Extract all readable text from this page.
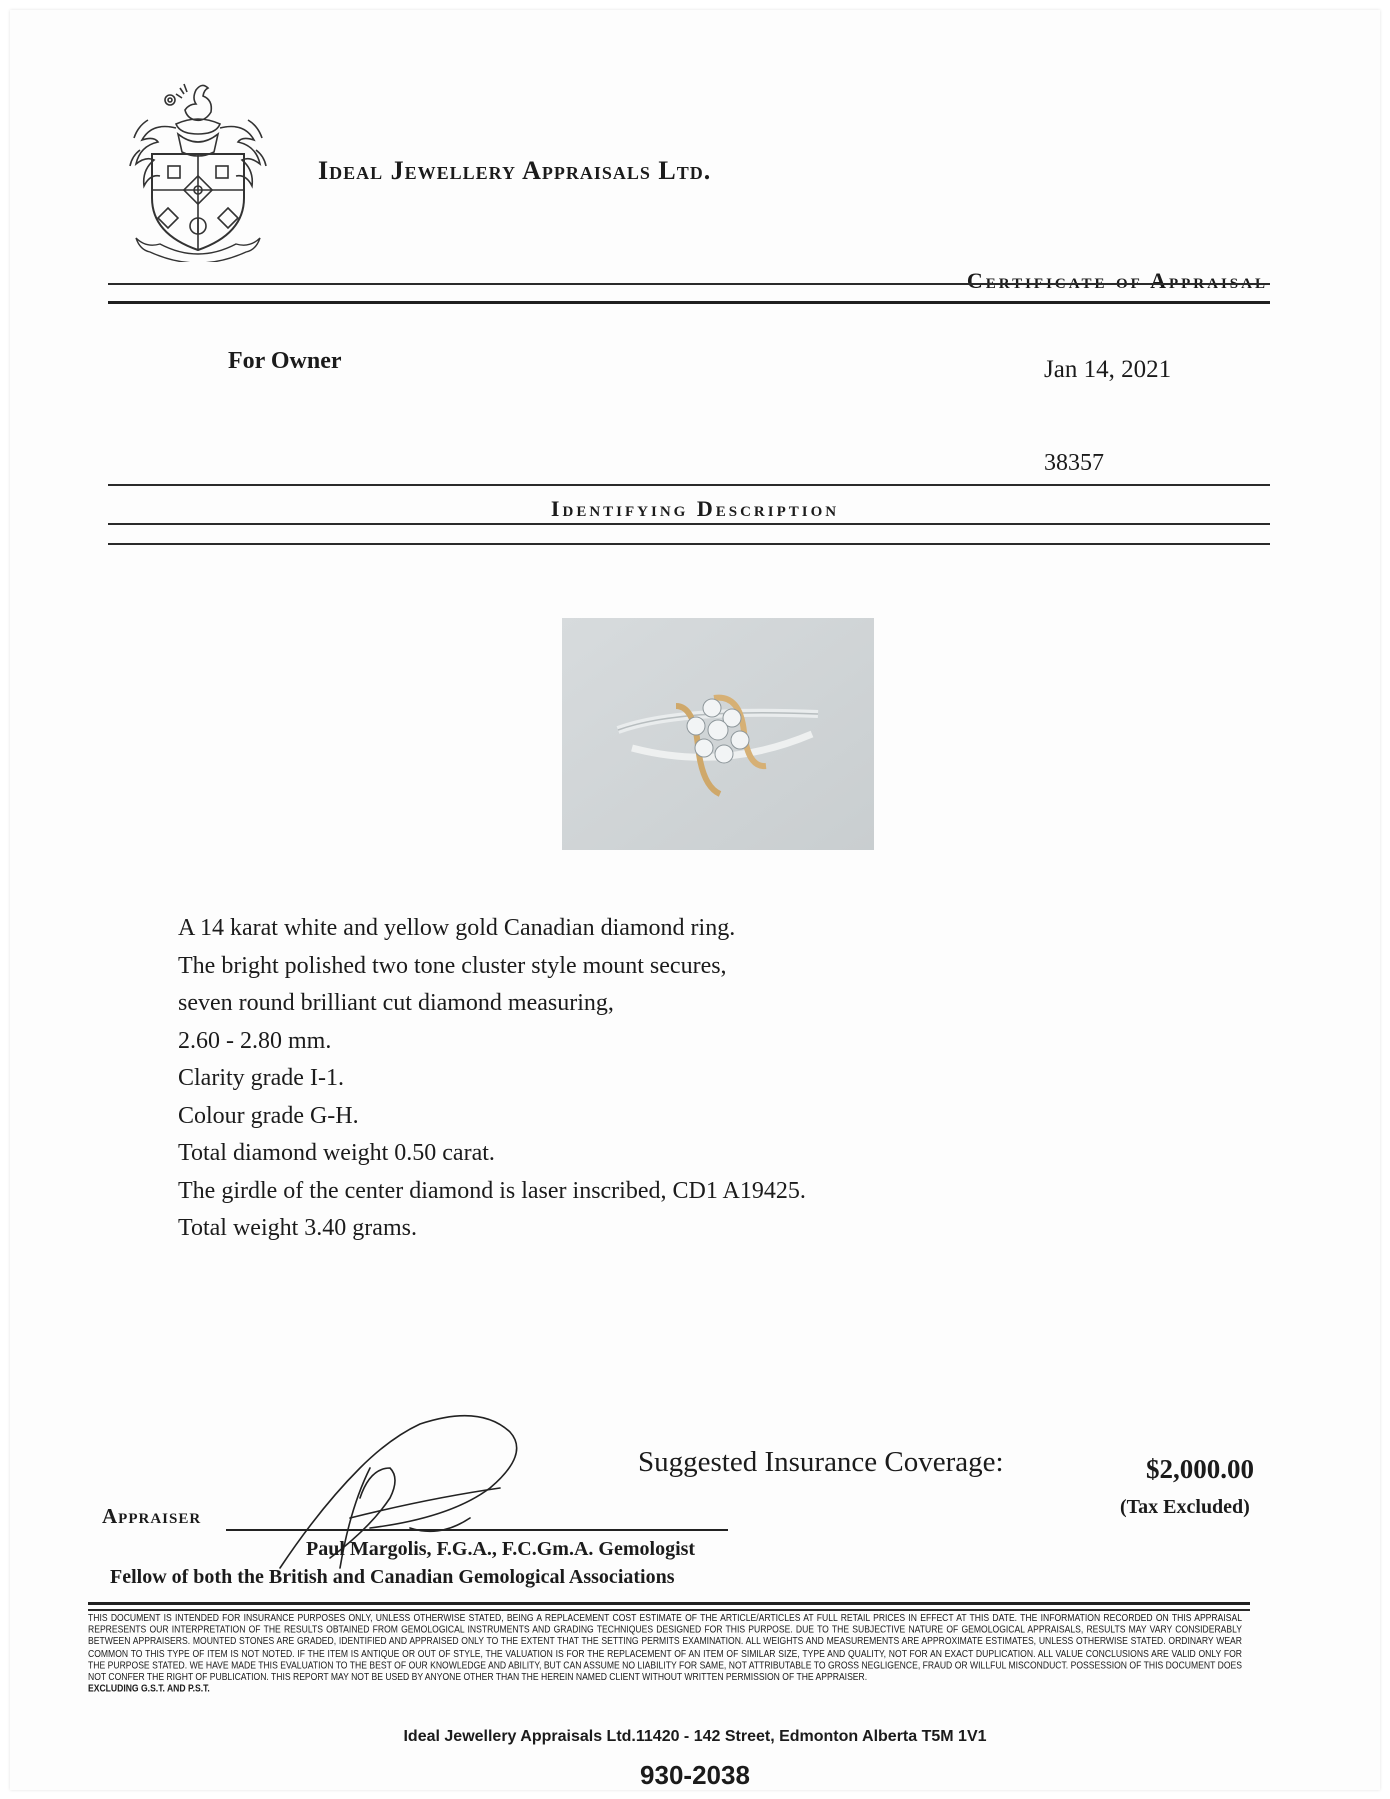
Ideal Jewellery Appraisals Ltd.
Certificate of Appraisal
For Owner	Jan 14, 2021
38357
Identifying Description
A 14 karat white and yellow gold Canadian diamond ring.
The bright polished two tone cluster style mount secures,
seven round brilliant cut diamond measuring,
2.60 - 2.80 mm.
Clarity grade I-1.
Colour grade G-H.
Total diamond weight 0.50 carat.
The girdle of the center diamond is laser inscribed, CD1 A19425.
Total weight 3.40 grams.
Suggested Insurance Coverage:	$2,000.00
(Tax Excluded)
Appraiser
Paul Margolis, F.G.A., F.C.Gm.A. Gemologist
Fellow of both the British and Canadian Gemological Associations
THIS DOCUMENT IS INTENDED FOR INSURANCE PURPOSES ONLY, UNLESS OTHERWISE STATED, BEING A REPLACEMENT COST ESTIMATE OF THE ARTICLE/ARTICLES AT FULL RETAIL PRICES IN EFFECT AT THIS DATE. THE INFORMATION RECORDED ON THIS APPRAISAL REPRESENTS OUR INTERPRETATION OF THE RESULTS OBTAINED FROM GEMOLOGICAL INSTRUMENTS AND GRADING TECHNIQUES DESIGNED FOR THIS PURPOSE. DUE TO THE SUBJECTIVE NATURE OF GEMOLOGICAL APPRAISALS, RESULTS MAY VARY CONSIDERABLY BETWEEN APPRAISERS. MOUNTED STONES ARE GRADED, IDENTIFIED AND APPRAISED ONLY TO THE EXTENT THAT THE SETTING PERMITS EXAMINATION. ALL WEIGHTS AND MEASUREMENTS ARE APPROXIMATE ESTIMATES, UNLESS OTHERWISE STATED. ORDINARY WEAR COMMON TO THIS TYPE OF ITEM IS NOT NOTED. IF THE ITEM IS ANTIQUE OR OUT OF STYLE, THE VALUATION IS FOR THE REPLACEMENT OF AN ITEM OF SIMILAR SIZE, TYPE AND QUALITY, NOT FOR AN EXACT DUPLICATION. ALL VALUE CONCLUSIONS ARE VALID ONLY FOR THE PURPOSE STATED. WE HAVE MADE THIS EVALUATION TO THE BEST OF OUR KNOWLEDGE AND ABILITY, BUT CAN ASSUME NO LIABILITY FOR SAME, NOT ATTRIBUTABLE TO GROSS NEGLIGENCE, FRAUD OR WILLFUL MISCONDUCT. POSSESSION OF THIS DOCUMENT DOES NOT CONFER THE RIGHT OF PUBLICATION. THIS REPORT MAY NOT BE USED BY ANYONE OTHER THAN THE HEREIN NAMED CLIENT WITHOUT WRITTEN PERMISSION OF THE APPRAISER.
EXCLUDING G.S.T. AND P.S.T.
Ideal Jewellery Appraisals Ltd.11420 - 142 Street, Edmonton Alberta T5M 1V1
930-2038
